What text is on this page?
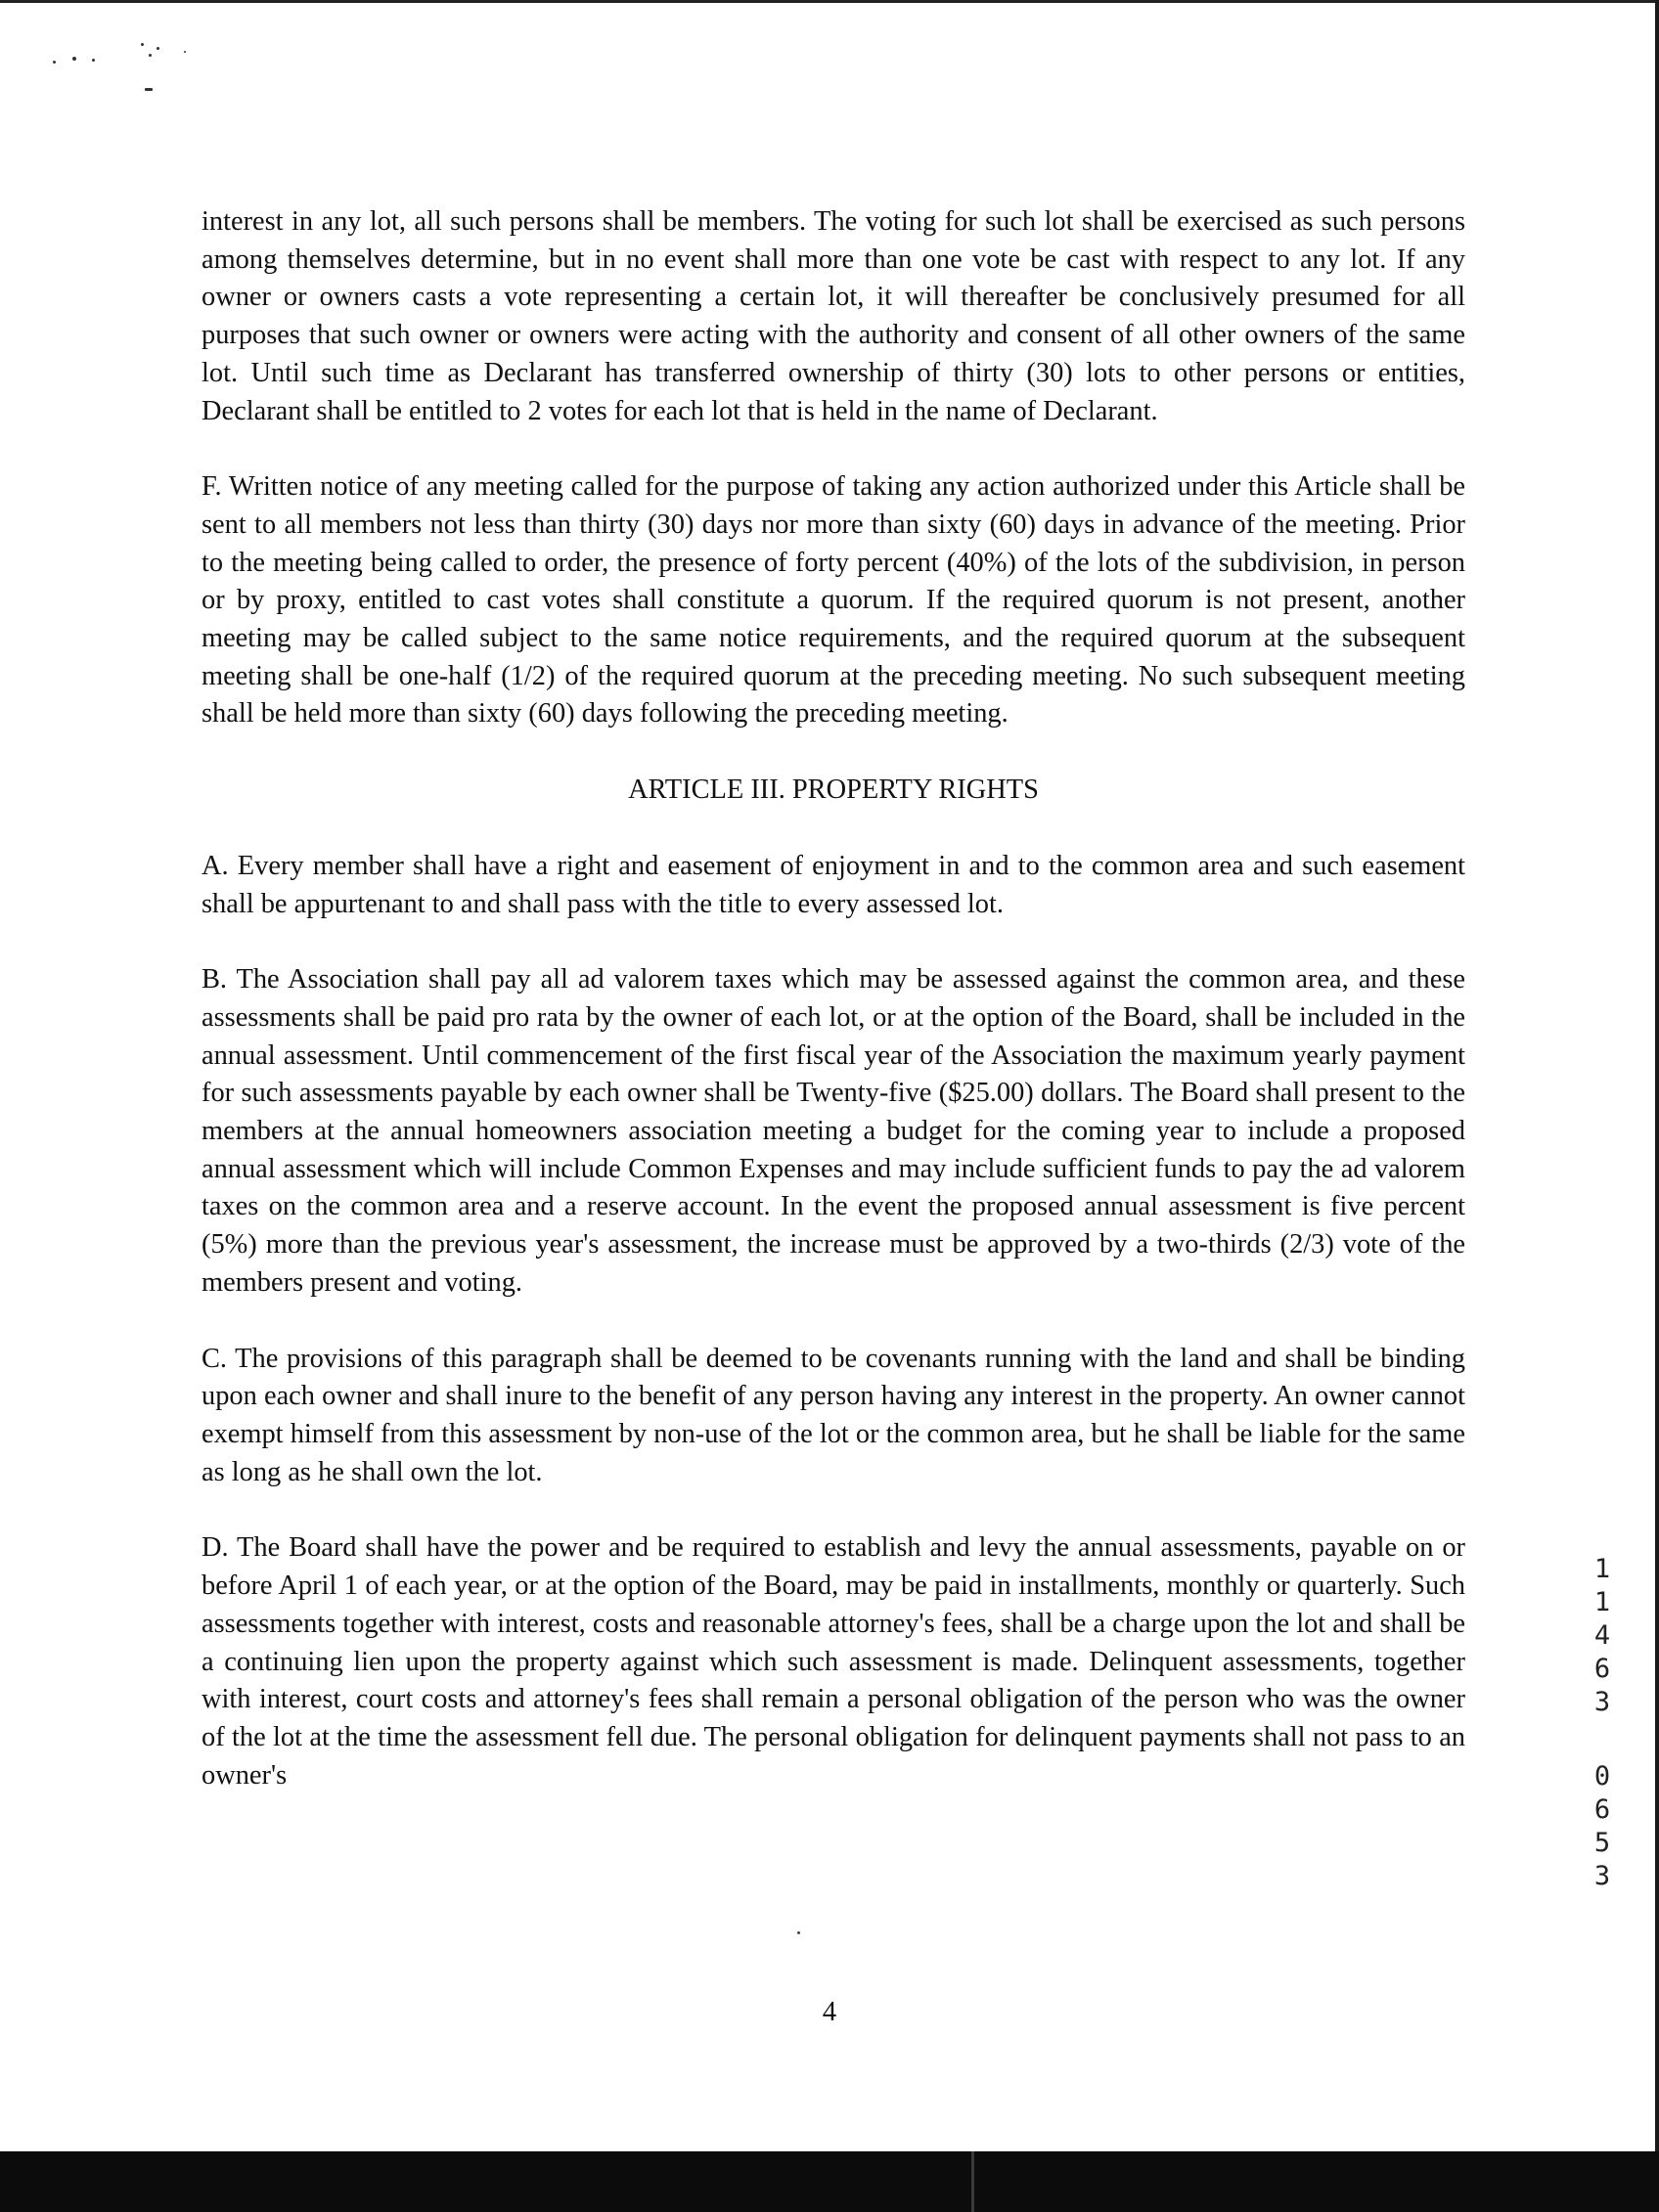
interest in any lot, all such persons shall be members. The voting for such lot shall be exercised as such persons among themselves determine, but in no event shall more than one vote be cast with respect to any lot. If any owner or owners casts a vote representing a certain lot, it will thereafter be conclusively presumed for all purposes that such owner or owners were acting with the authority and consent of all other owners of the same lot. Until such time as Declarant has transferred ownership of thirty (30) lots to other persons or entities, Declarant shall be entitled to 2 votes for each lot that is held in the name of Declarant.

F. Written notice of any meeting called for the purpose of taking any action authorized under this Article shall be sent to all members not less than thirty (30) days nor more than sixty (60) days in advance of the meeting. Prior to the meeting being called to order, the presence of forty percent (40%) of the lots of the subdivision, in person or by proxy, entitled to cast votes shall constitute a quorum. If the required quorum is not present, another meeting may be called subject to the same notice requirements, and the required quorum at the subsequent meeting shall be one-half (1/2) of the required quorum at the preceding meeting. No such subsequent meeting shall be held more than sixty (60) days following the preceding meeting.

ARTICLE III. PROPERTY RIGHTS

A. Every member shall have a right and easement of enjoyment in and to the common area and such easement shall be appurtenant to and shall pass with the title to every assessed lot.

B. The Association shall pay all ad valorem taxes which may be assessed against the common area, and these assessments shall be paid pro rata by the owner of each lot, or at the option of the Board, shall be included in the annual assessment. Until commencement of the first fiscal year of the Association the maximum yearly payment for such assessments payable by each owner shall be Twenty-five ($25.00) dollars. The Board shall present to the members at the annual homeowners association meeting a budget for the coming year to include a proposed annual assessment which will include Common Expenses and may include sufficient funds to pay the ad valorem taxes on the common area and a reserve account. In the event the proposed annual assessment is five percent (5%) more than the previous year's assessment, the increase must be approved by a two-thirds (2/3) vote of the members present and voting.

C. The provisions of this paragraph shall be deemed to be covenants running with the land and shall be binding upon each owner and shall inure to the benefit of any person having any interest in the property. An owner cannot exempt himself from this assessment by non-use of the lot or the common area, but he shall be liable for the same as long as he shall own the lot.

D. The Board shall have the power and be required to establish and levy the annual assessments, payable on or before April 1 of each year, or at the option of the Board, may be paid in installments, monthly or quarterly. Such assessments together with interest, costs and reasonable attorney's fees, shall be a charge upon the lot and shall be a continuing lien upon the property against which such assessment is made. Delinquent assessments, together with interest, court costs and attorney's fees shall remain a personal obligation of the person who was the owner of the lot at the time the assessment fell due. The personal obligation for delinquent payments shall not pass to an owner's

1
1
4
6
3
0
6
5
3
4
